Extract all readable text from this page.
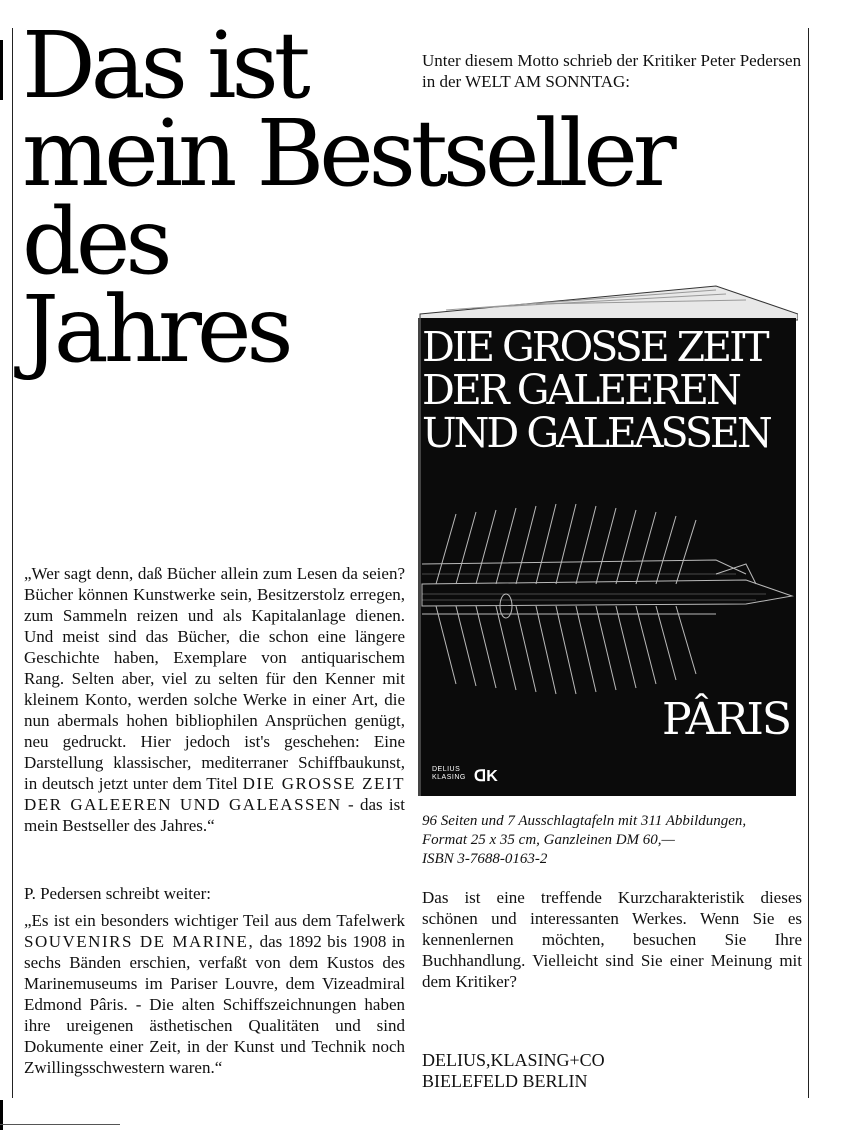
Das ist
mein Bestseller
des
Jahres
Unter diesem Motto schrieb der Kritiker Peter Pedersen in der WELT AM SONNTAG:
DIE GROSSE ZEIT
DER GALEEREN
UND GALEASSEN
PÂRIS
DELIUS
KLASING ᗡK
96 Seiten und 7 Ausschlagtafeln mit 311 Abbildungen,
Format 25 x 35 cm, Ganzleinen DM 60,—
ISBN 3-7688-0163-2

„Wer sagt denn, daß Bücher allein zum Lesen da seien? Bücher können Kunstwerke sein, Besitzerstolz erregen, zum Sammeln reizen und als Kapitalanlage dienen. Und meist sind das Bücher, die schon eine längere Geschichte haben, Exemplare von antiquarischem Rang. Selten aber, viel zu selten für den Kenner mit kleinem Konto, werden solche Werke in einer Art, die nun abermals hohen bibliophilen Ansprüchen genügt, neu gedruckt. Hier jedoch ist's geschehen: Eine Darstellung klassischer, mediterraner Schiffbaukunst, in deutsch jetzt unter dem Titel DIE GROSSE ZEIT DER GALEEREN UND GALEASSEN - das ist mein Bestseller des Jahres.“

P. Pedersen schreibt weiter:

„Es ist ein besonders wichtiger Teil aus dem Tafelwerk SOUVENIRS DE MARINE, das 1892 bis 1908 in sechs Bänden erschien, verfaßt von dem Kustos des Marinemuseums im Pariser Louvre, dem Vizeadmiral Edmond Pâris. - Die alten Schiffszeichnungen haben ihre ureigenen ästhetischen Qualitäten und sind Dokumente einer Zeit, in der Kunst und Technik noch Zwillingsschwestern waren.“

Das ist eine treffende Kurzcharakteristik dieses schönen und interessanten Werkes. Wenn Sie es kennenlernen möchten, besuchen Sie Ihre Buchhandlung. Vielleicht sind Sie einer Meinung mit dem Kritiker?

DELIUS,KLASING+CO
BIELEFELD BERLIN
